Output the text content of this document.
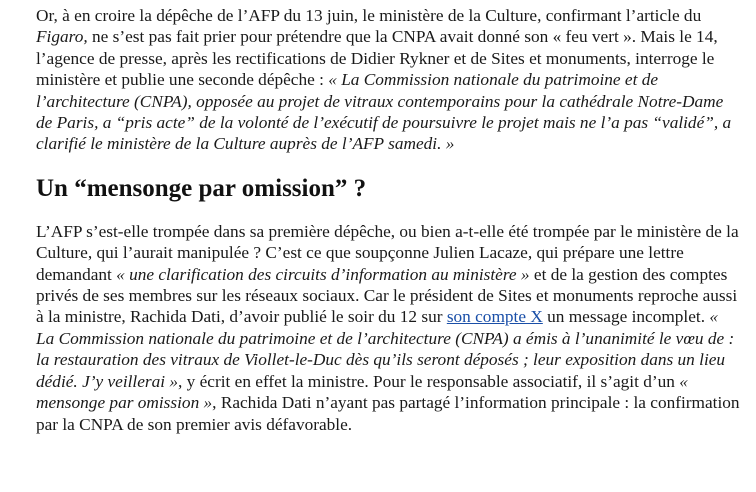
Or, à en croire la dépêche de l’AFP du 13 juin, le ministère de la Culture, confirmant l’article du Figaro, ne s’est pas fait prier pour prétendre que la CNPA avait donné son « feu vert ». Mais le 14, l’agence de presse, après les rectifications de Didier Rykner et de Sites et monuments, interroge le ministère et publie une seconde dépêche : « La Commission nationale du patrimoine et de l’architecture (CNPA), opposée au projet de vitraux contemporains pour la cathédrale Notre-Dame de Paris, a “pris acte” de la volonté de l’exécutif de poursuivre le projet mais ne l’a pas “validé”, a clarifié le ministère de la Culture auprès de l’AFP samedi. »

Un “mensonge par omission” ?

L’AFP s’est-elle trompée dans sa première dépêche, ou bien a-t-elle été trompée par le ministère de la Culture, qui l’aurait manipulée ? C’est ce que soupçonne Julien Lacaze, qui prépare une lettre demandant « une clarification des circuits d’information au ministère » et de la gestion des comptes privés de ses membres sur les réseaux sociaux. Car le président de Sites et monuments reproche aussi à la ministre, Rachida Dati, d’avoir publié le soir du 12 sur son compte X un message incomplet. « La Commission nationale du patrimoine et de l’architecture (CNPA) a émis à l’unanimité le vœu de : la restauration des vitraux de Viollet-le-Duc dès qu’ils seront déposés ; leur exposition dans un lieu dédié. J’y veillerai », y écrit en effet la ministre. Pour le responsable associatif, il s’agit d’un « mensonge par omission », Rachida Dati n’ayant pas partagé l’information principale : la confirmation par la CNPA de son premier avis défavorable.
